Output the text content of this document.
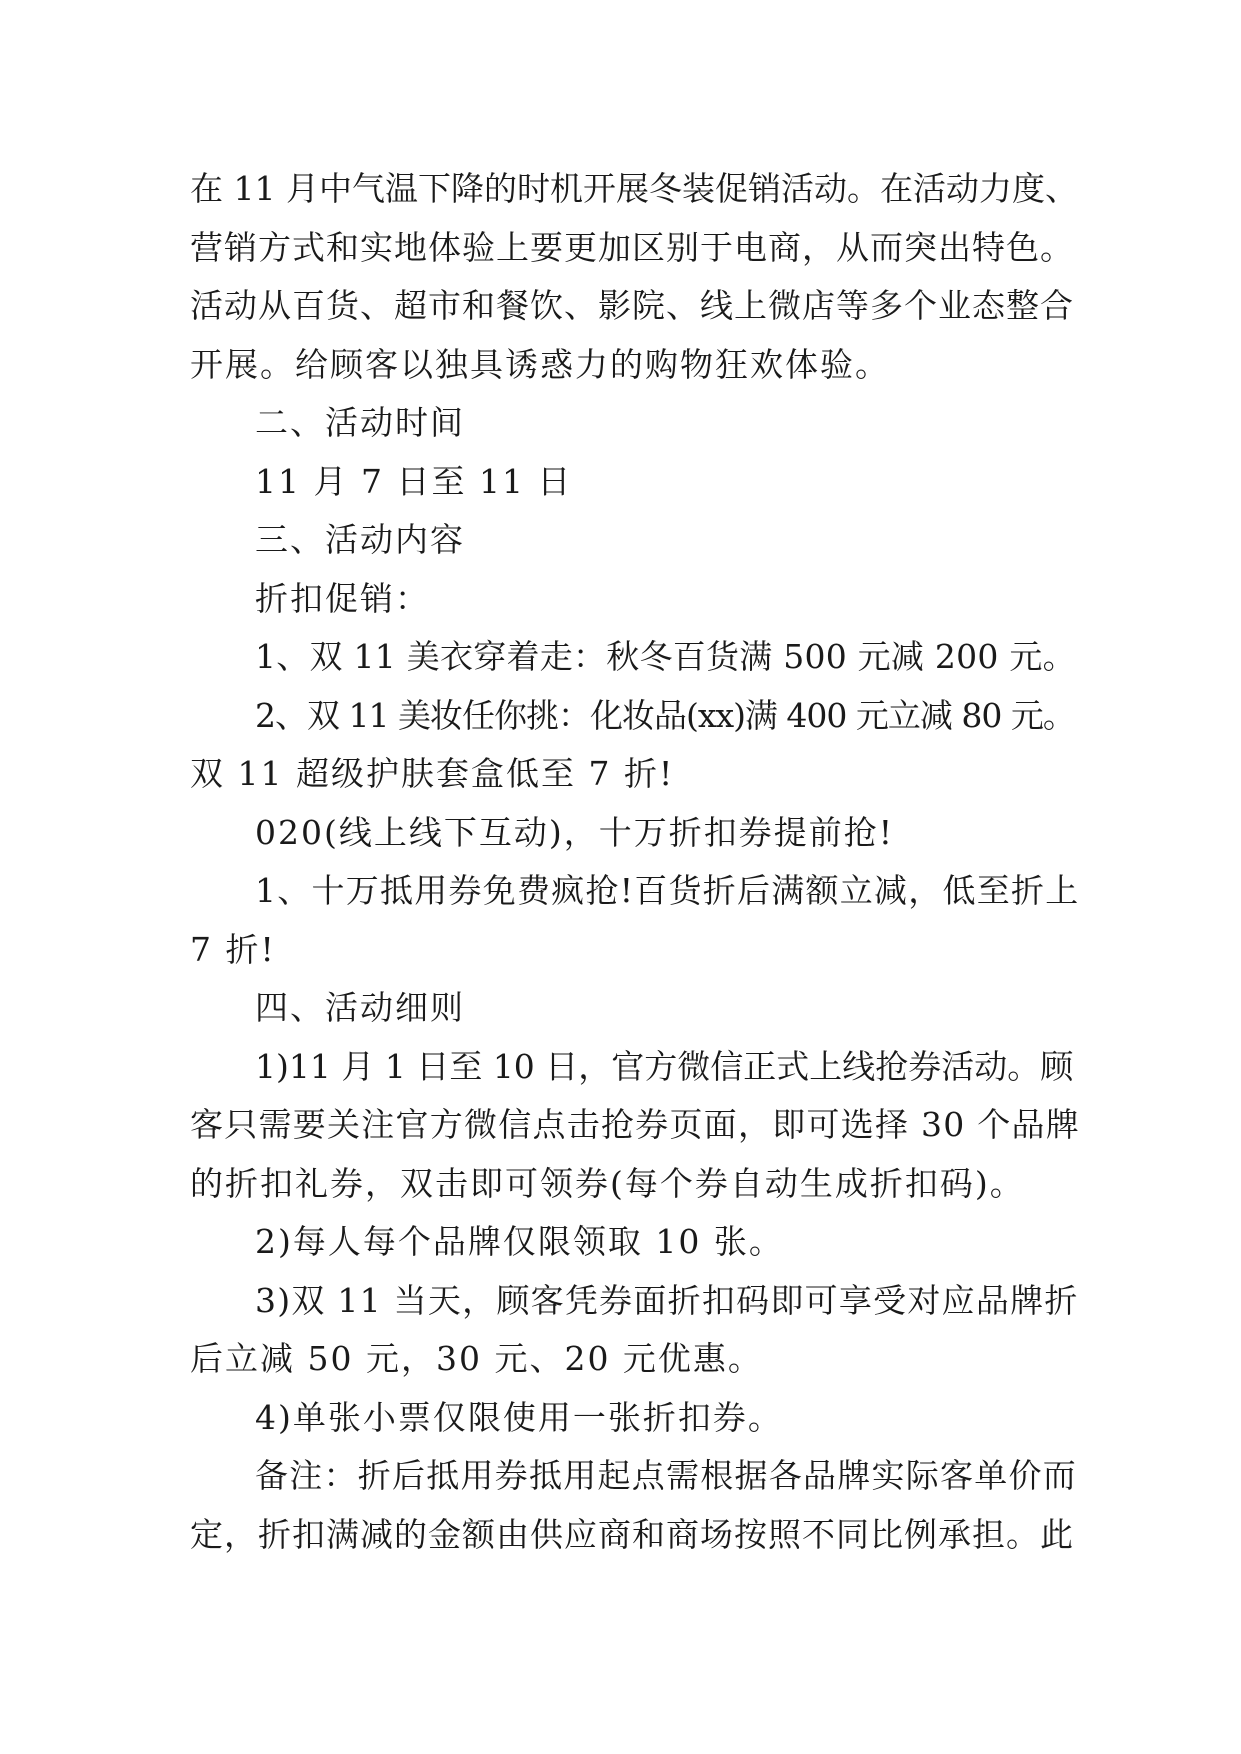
在 11 月中气温下降的时机开展冬装促销活动。在活动力度、
营销方式和实地体验上要更加区别于电商，从而突出特色。
活动从百货、超市和餐饮、影院、线上微店等多个业态整合
开展。给顾客以独具诱惑力的购物狂欢体验。
二、活动时间
11 月 7 日至 11 日
三、活动内容
折扣促销：
1、双 11 美衣穿着走：秋冬百货满 500 元减 200 元。
2、双 11 美妆任你挑：化妆品(xx)满 400 元立减 80 元。
双 11 超级护肤套盒低至 7 折!
020(线上线下互动)，十万折扣券提前抢!
1、十万抵用券免费疯抢!百货折后满额立减，低至折上
7 折!
四、活动细则
1)11 月 1 日至 10 日，官方微信正式上线抢券活动。顾
客只需要关注官方微信点击抢券页面，即可选择 30 个品牌
的折扣礼券，双击即可领券(每个券自动生成折扣码)。
2)每人每个品牌仅限领取 10 张。
3)双 11 当天，顾客凭券面折扣码即可享受对应品牌折
后立减 50 元，30 元、20 元优惠。
4)单张小票仅限使用一张折扣券。
备注：折后抵用券抵用起点需根据各品牌实际客单价而
定，折扣满减的金额由供应商和商场按照不同比例承担。此
